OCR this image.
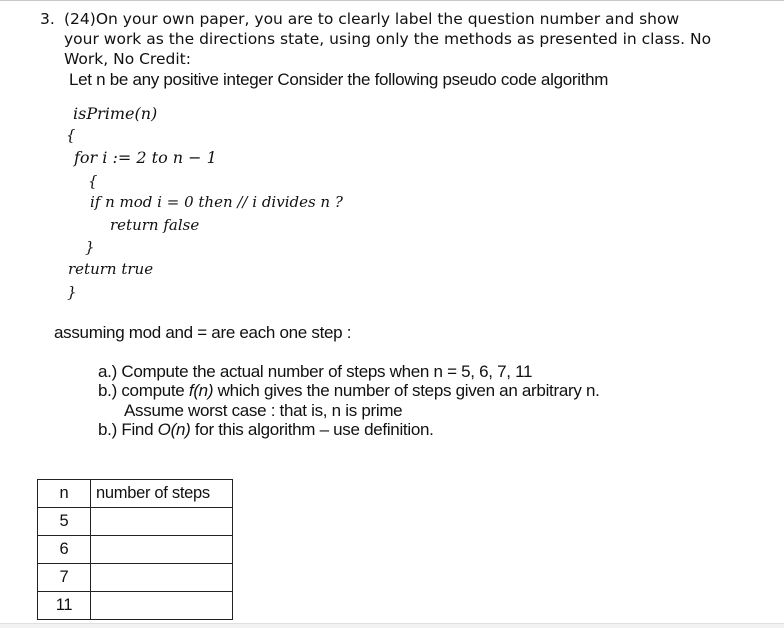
3. (24)On your own paper, you are to clearly label the question number and show
your work as the directions state, using only the methods as presented in class. No
Work, No Credit:
Let n be any positive integer Consider the following pseudo code algorithm
isPrime(n)
{
for i := 2 to n − 1
{
if n mod i = 0 then // i divides n ?
return false
}
return true
}
assuming mod and = are each one step :
a.) Compute the actual number of steps when n = 5, 6, 7, 11
b.) compute f(n) which gives the number of steps given an arbitrary n.
Assume worst case : that is, n is prime
b.) Find O(n) for this algorithm – use definition.
n	number of steps
5	
6	
7	
11	
